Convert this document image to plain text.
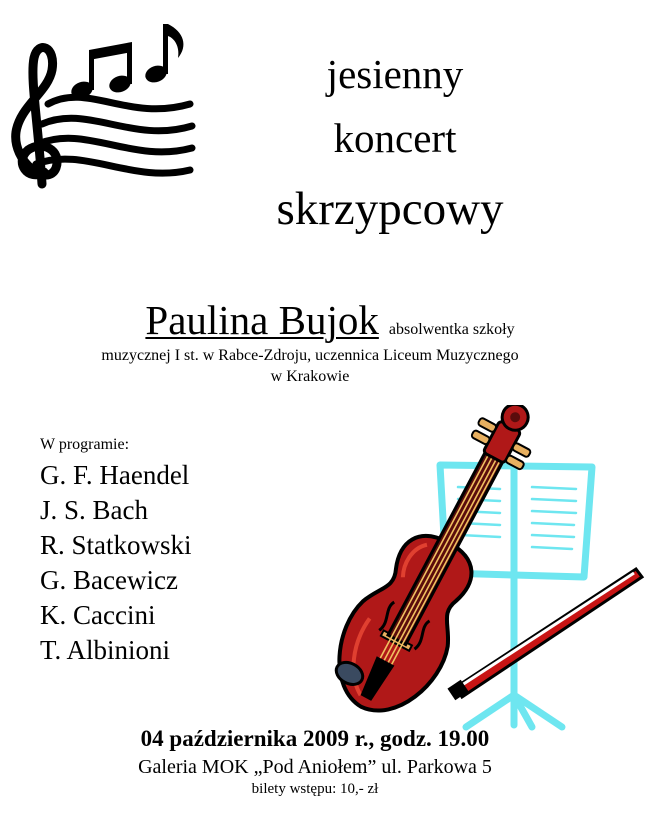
jesienny
koncert
skrzypcowy
Paulina Bujok absolwentka szkoły
muzycznej I st. w Rabce-Zdroju, uczennica Liceum Muzycznego
w Krakowie
W programie:
G. F. Haendel
J. S. Bach
R. Statkowski
G. Bacewicz
K. Caccini
T. Albinioni
04 października 2009 r., godz. 19.00
Galeria MOK „Pod Aniołem” ul. Parkowa 5
bilety wstępu: 10,- zł
